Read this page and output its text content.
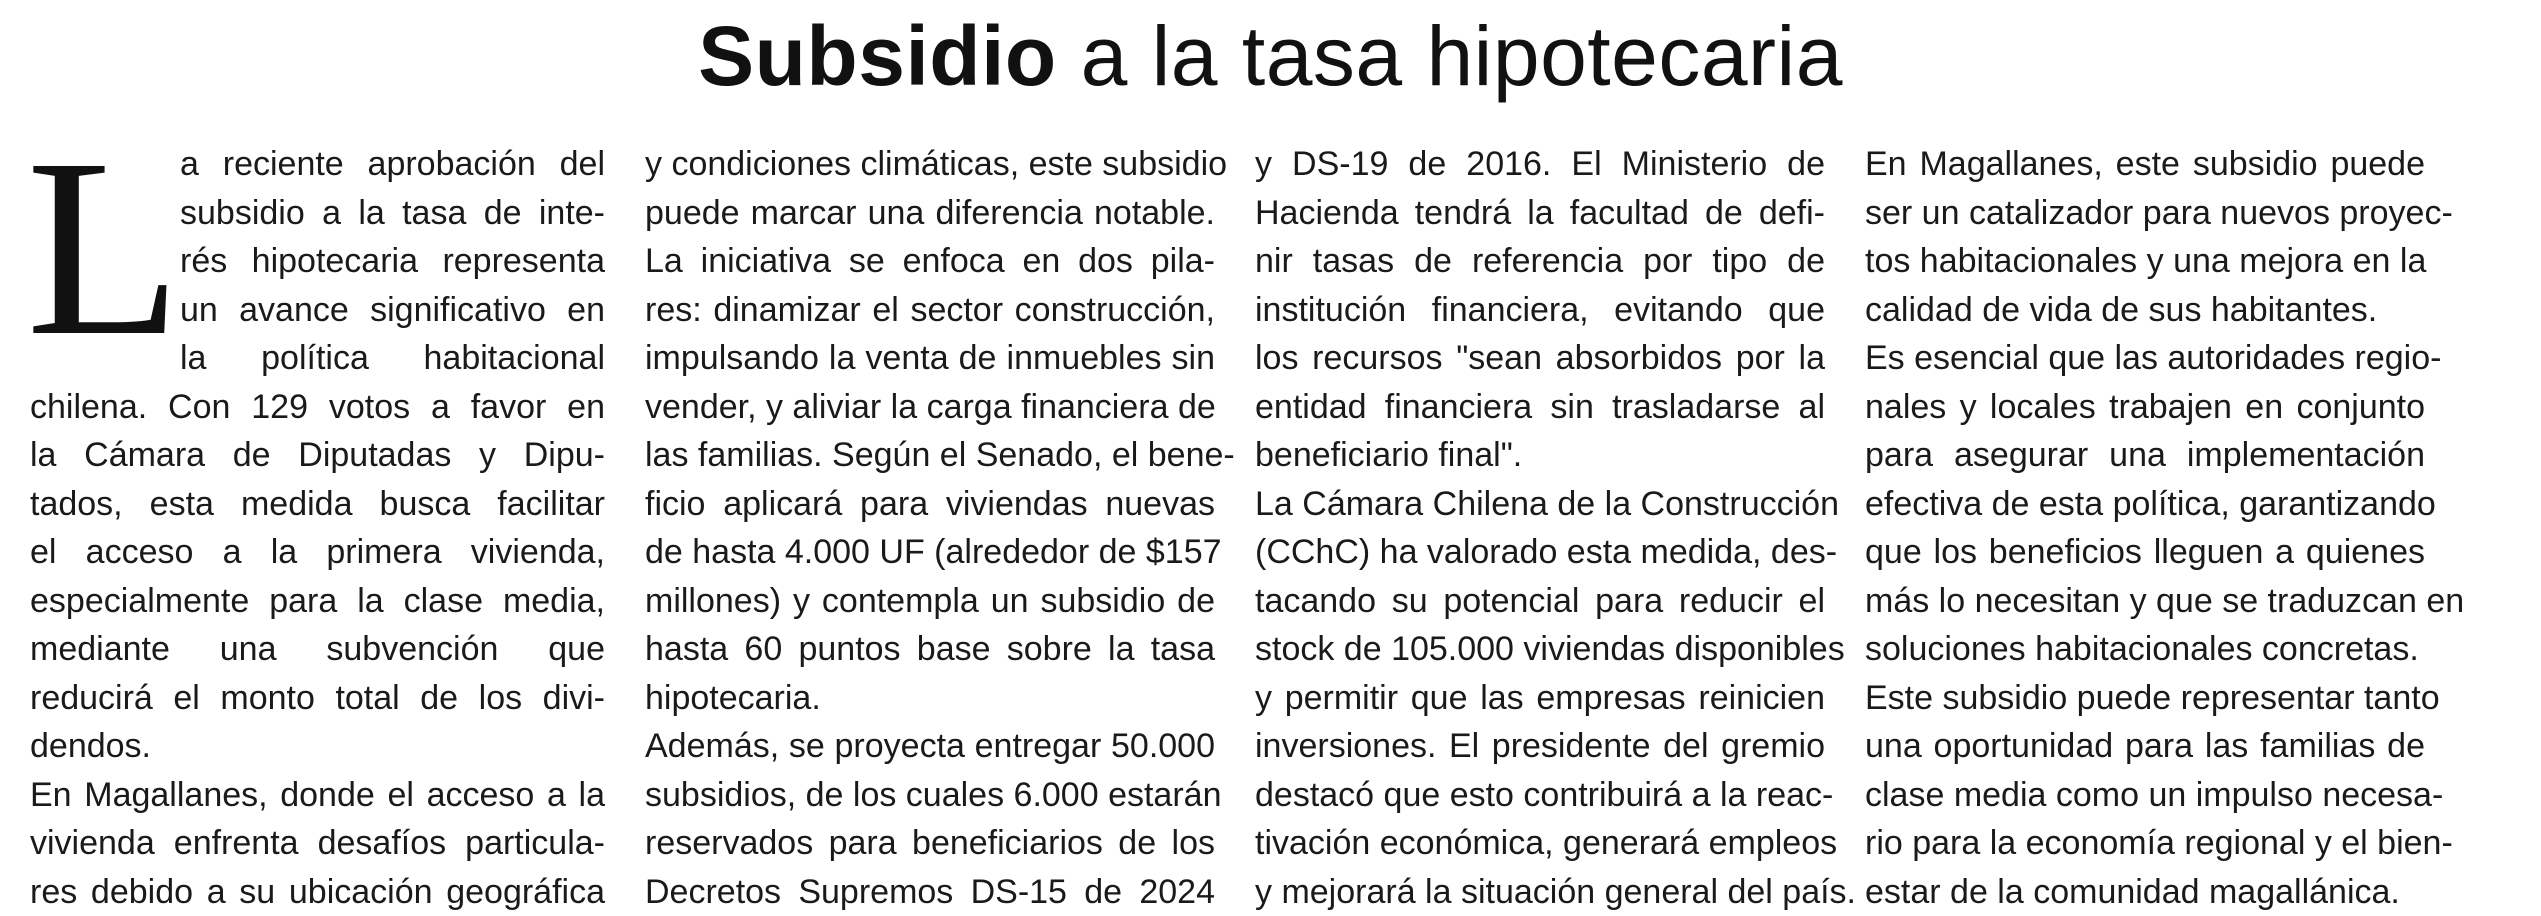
Subsidio a la tasa hipotecaria
L
a reciente aprobación del
subsidio a la tasa de inte-
rés hipotecaria representa
un avance significativo en
la política habitacional
chilena. Con 129 votos a favor en
la Cámara de Diputadas y Dipu-
tados, esta medida busca facilitar
el acceso a la primera vivienda,
especialmente para la clase media,
mediante una subvención que
reducirá el monto total de los divi-
dendos.
En Magallanes, donde el acceso a la
vivienda enfrenta desafíos particula-
res debido a su ubicación geográfica
y condiciones climáticas, este subsidio
puede marcar una diferencia notable.
La iniciativa se enfoca en dos pila-
res: dinamizar el sector construcción,
impulsando la venta de inmuebles sin
vender, y aliviar la carga financiera de
las familias. Según el Senado, el bene-
ficio aplicará para viviendas nuevas
de hasta 4.000 UF (alrededor de $157
millones) y contempla un subsidio de
hasta 60 puntos base sobre la tasa
hipotecaria.
Además, se proyecta entregar 50.000
subsidios, de los cuales 6.000 estarán
reservados para beneficiarios de los
Decretos Supremos DS-15 de 2024
y DS-19 de 2016. El Ministerio de
Hacienda tendrá la facultad de defi-
nir tasas de referencia por tipo de
institución financiera, evitando que
los recursos "sean absorbidos por la
entidad financiera sin trasladarse al
beneficiario final".
La Cámara Chilena de la Construcción
(CChC) ha valorado esta medida, des-
tacando su potencial para reducir el
stock de 105.000 viviendas disponibles
y permitir que las empresas reinicien
inversiones. El presidente del gremio
destacó que esto contribuirá a la reac-
tivación económica, generará empleos
y mejorará la situación general del país.
En Magallanes, este subsidio puede
ser un catalizador para nuevos proyec-
tos habitacionales y una mejora en la
calidad de vida de sus habitantes.
Es esencial que las autoridades regio-
nales y locales trabajen en conjunto
para asegurar una implementación
efectiva de esta política, garantizando
que los beneficios lleguen a quienes
más lo necesitan y que se traduzcan en
soluciones habitacionales concretas.
Este subsidio puede representar tanto
una oportunidad para las familias de
clase media como un impulso necesa-
rio para la economía regional y el bien-
estar de la comunidad magallánica.
